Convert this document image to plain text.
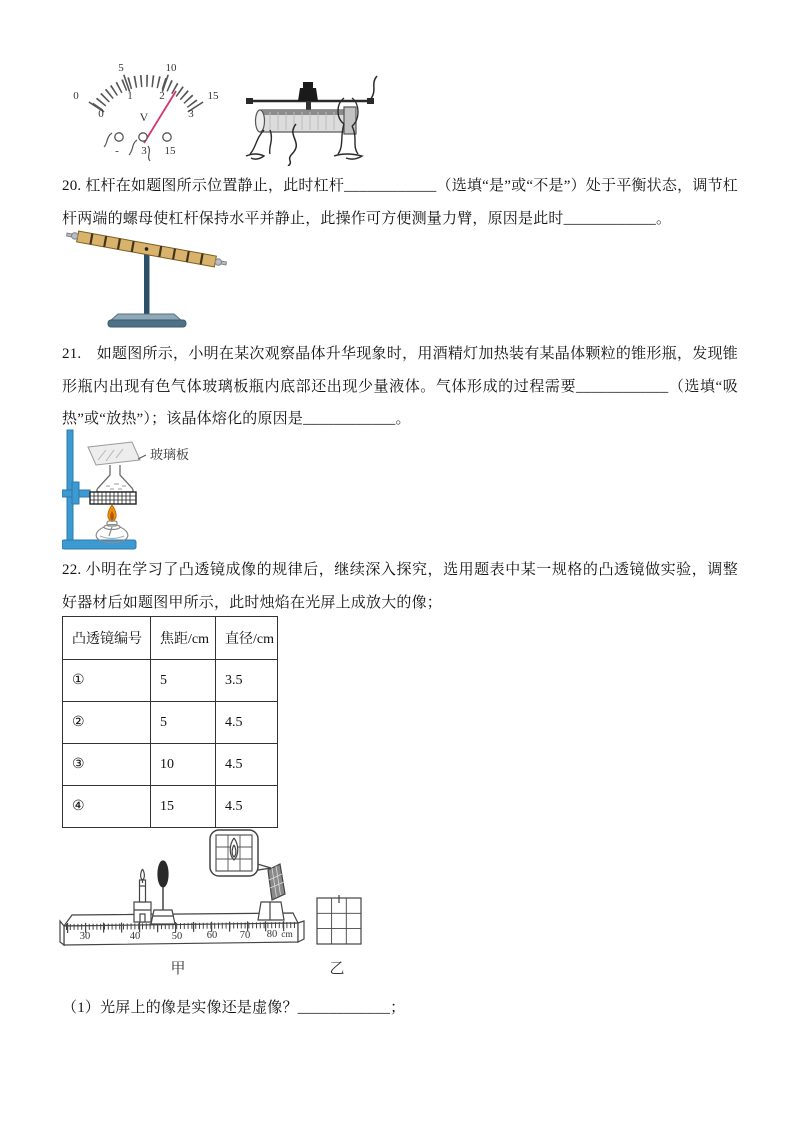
0
5	10
15
0
1 2
3
V
- 3 15

20. 杠杆在如题图所示位置静止，此时杠杆____________（选填“是”或“不是”）处于平衡状态，调节杠杆两端的螺母使杠杆保持水平并静止，此操作可方便测量力臂，原因是此时____________。

21.　如题图所示，小明在某次观察晶体升华现象时，用酒精灯加热装有某晶体颗粒的锥形瓶，发现锥形瓶内出现有色气体玻璃板瓶内底部还出现少量液体。气体形成的过程需要____________（选填“吸热”或“放热”）；该晶体熔化的原因是____________。

玻璃板

22. 小明在学习了凸透镜成像的规律后，继续深入探究，选用题表中某一规格的凸透镜做实验，调整好器材后如题图甲所示，此时烛焰在光屏上成放大的像；

凸透镜编号	焦距/cm	直径/cm
①	5	3.5
②	5	4.5
③	10	4.5
④	15	4.5
30	40	50 60 70 80 cm
甲	乙

（1）光屏上的像是实像还是虚像？____________；
